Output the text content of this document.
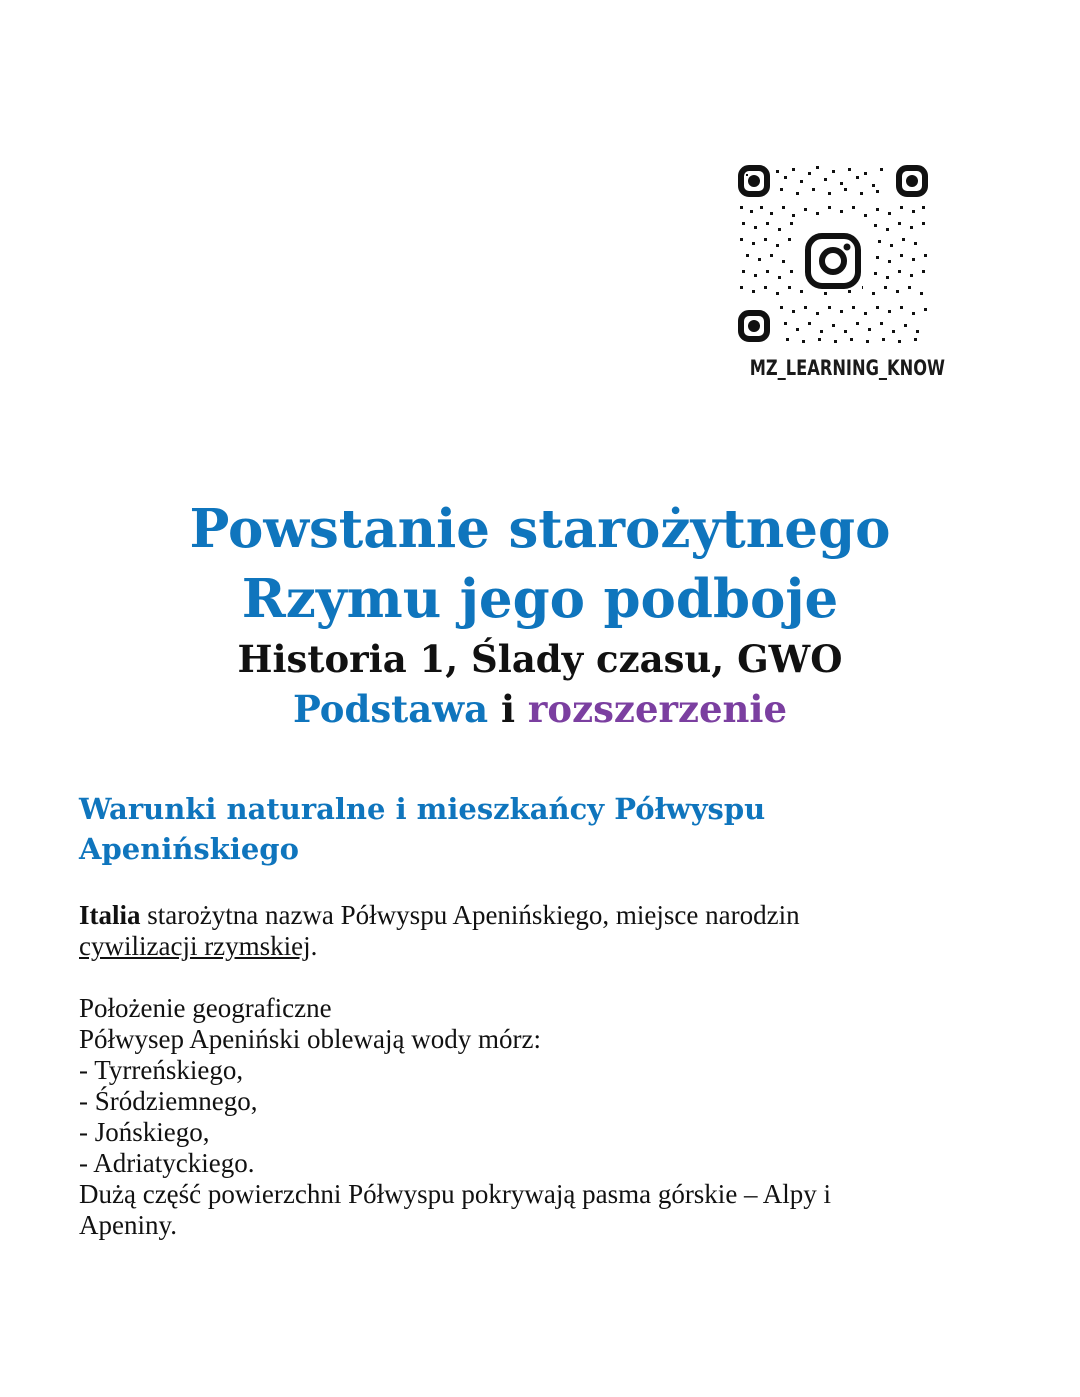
MZ_LEARNING_KNOW
Powstanie starożytnego
Rzymu jego podboje

Historia 1, Ślady czasu, GWO

Podstawa i rozszerzenie

Warunki naturalne i mieszkańcy Półwyspu
Apenińskiego

Italia starożytna nazwa Półwyspu Apenińskiego, miejsce narodzin
cywilizacji rzymskiej.

Położenie geograficzne

Półwysep Apeniński oblewają wody mórz:

- Tyrreńskiego,

- Śródziemnego,

- Jońskiego,

- Adriatyckiego.

Dużą część powierzchni Półwyspu pokrywają pasma górskie – Alpy i

Apeniny.
